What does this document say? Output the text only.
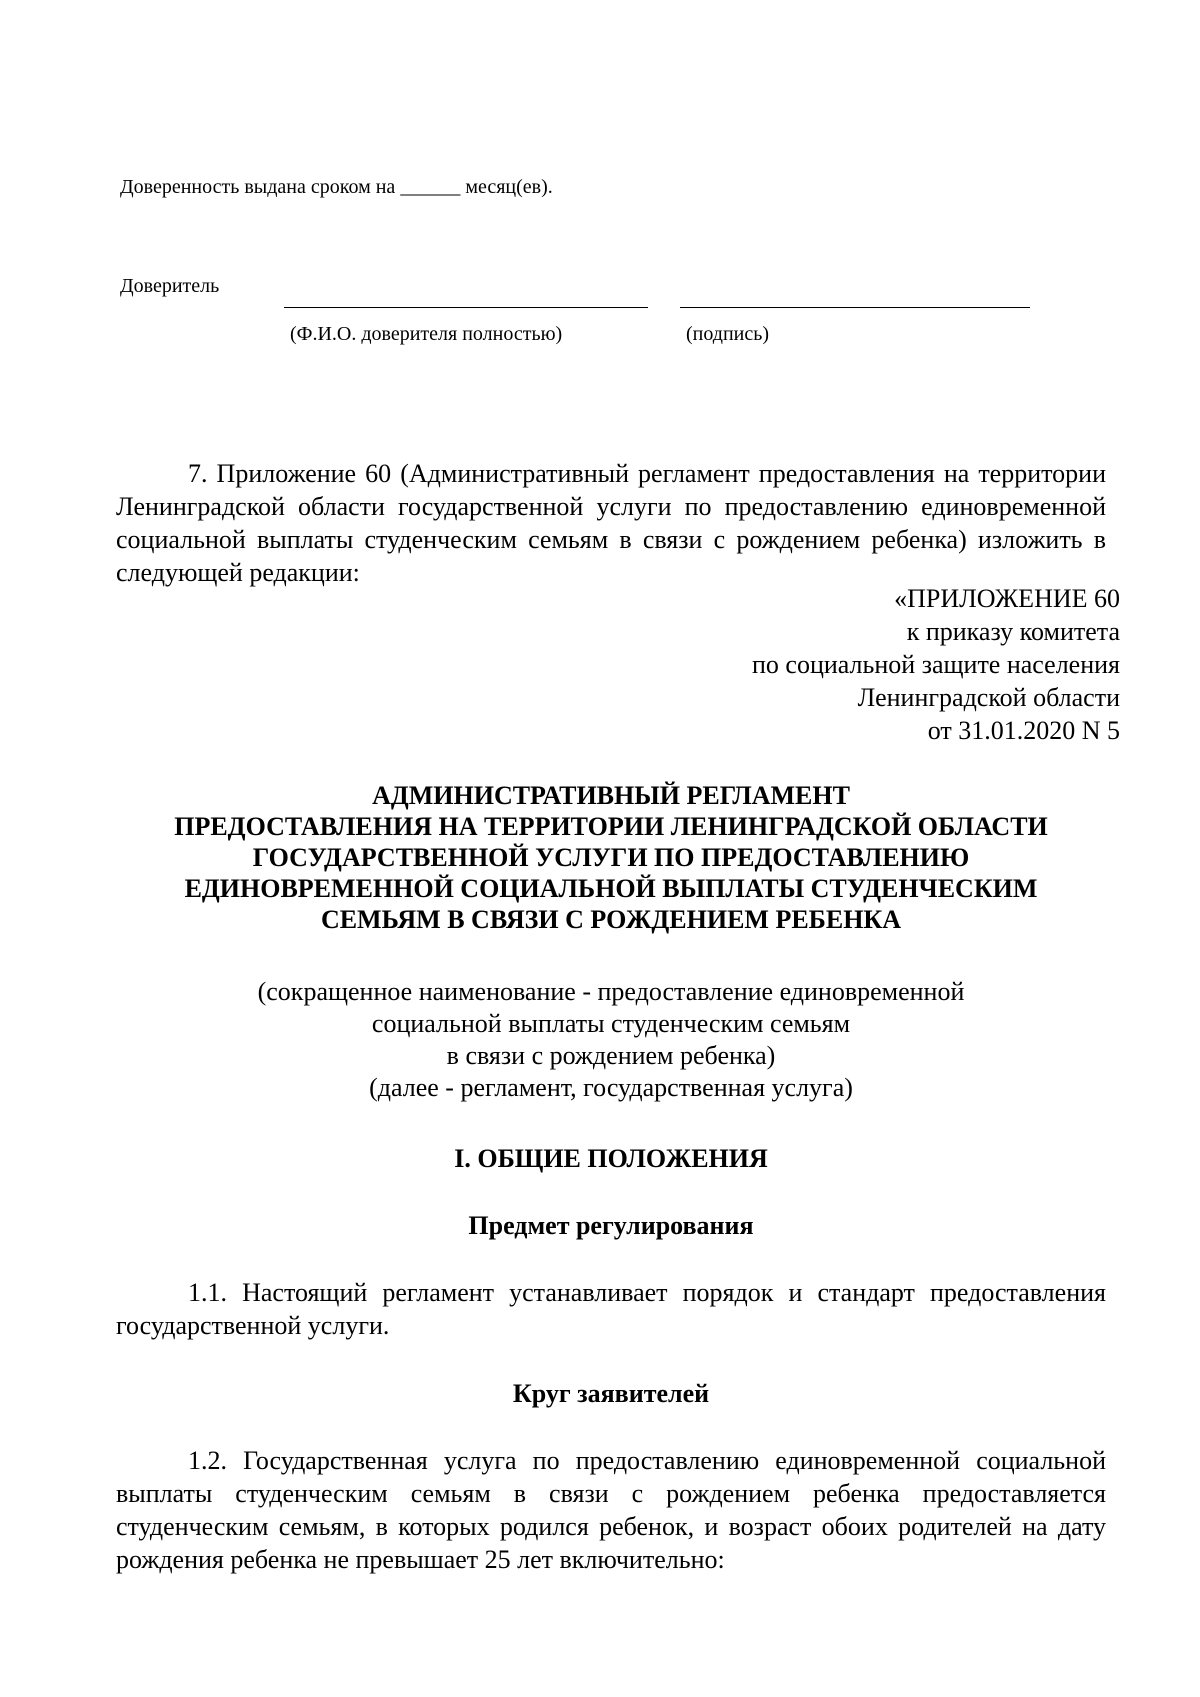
Доверенность выдана сроком на ______ месяц(ев).
Доверитель
(Ф.И.О. доверителя полностью)	(подпись)

7. Приложение 60 (Административный регламент предоставления на территории Ленинградской области государственной услуги по предоставлению единовременной социальной выплаты студенческим семьям в связи с рождением ребенка) изложить в следующей редакции:

«ПРИЛОЖЕНИЕ 60
к приказу комитета
по социальной защите населения
Ленинградской области
от 31.01.2020 N 5
АДМИНИСТРАТИВНЫЙ РЕГЛАМЕНТ
ПРЕДОСТАВЛЕНИЯ НА ТЕРРИТОРИИ ЛЕНИНГРАДСКОЙ ОБЛАСТИ
ГОСУДАРСТВЕННОЙ УСЛУГИ ПО ПРЕДОСТАВЛЕНИЮ
ЕДИНОВРЕМЕННОЙ СОЦИАЛЬНОЙ ВЫПЛАТЫ СТУДЕНЧЕСКИМ
СЕМЬЯМ В СВЯЗИ С РОЖДЕНИЕМ РЕБЕНКА
(сокращенное наименование - предоставление единовременной
социальной выплаты студенческим семьям
в связи с рождением ребенка)
(далее - регламент, государственная услуга)
I. ОБЩИЕ ПОЛОЖЕНИЯ
Предмет регулирования

1.1. Настоящий регламент устанавливает порядок и стандарт предоставления государственной услуги.

Круг заявителей

1.2. Государственная услуга по предоставлению единовременной социальной выплаты студенческим семьям в связи с рождением ребенка предоставляется студенческим семьям, в которых родился ребенок, и возраст обоих родителей на дату рождения ребенка не превышает 25 лет включительно:
